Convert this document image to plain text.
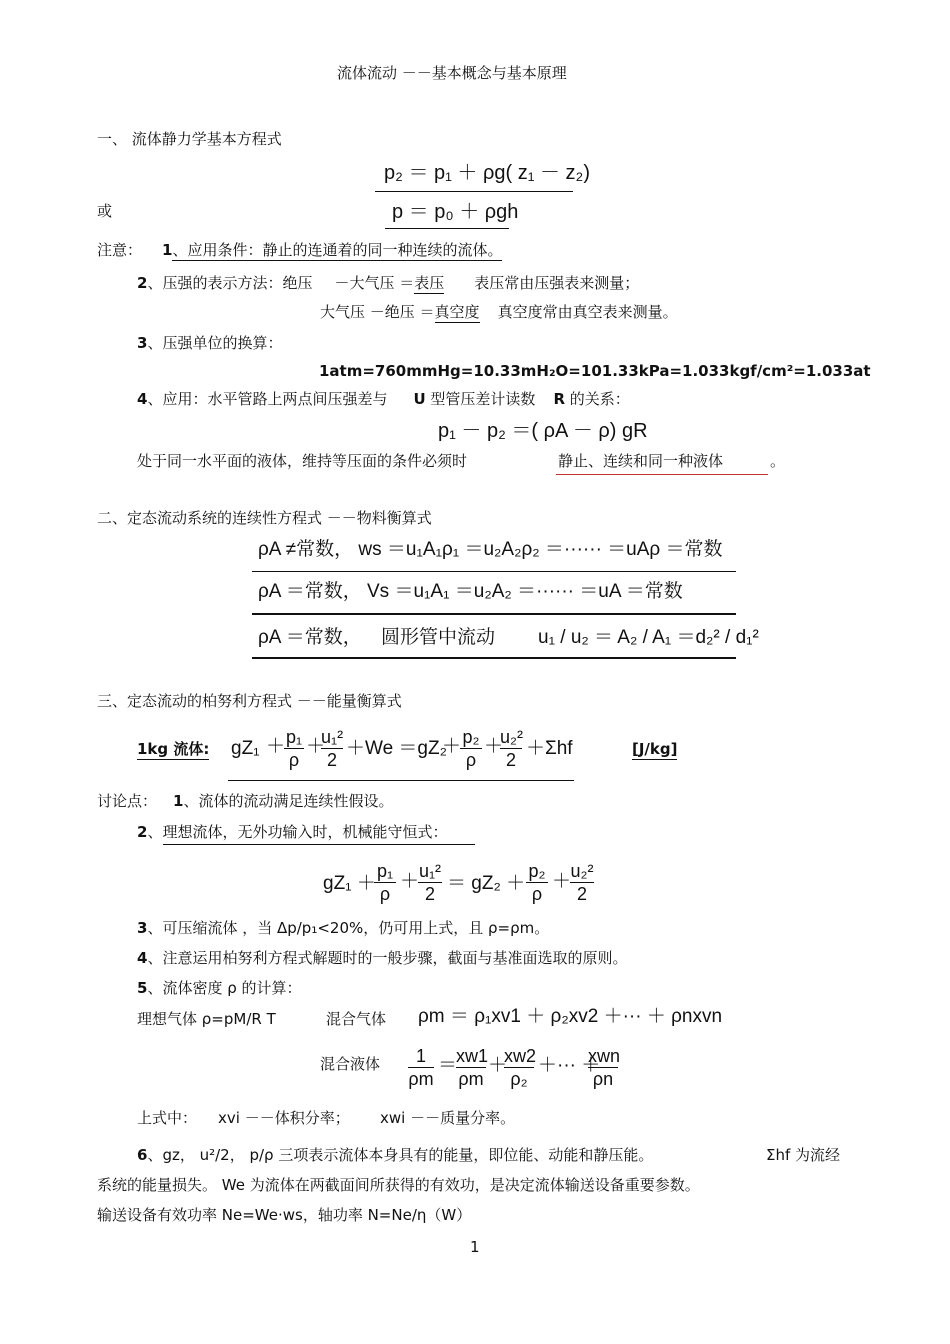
流体流动 －－基本概念与基本原理
一、 流体静力学基本方程式
p₂ ＝ p₁ ＋ ρg( z₁ － z₂)
或	p ＝ p₀ ＋ ρgh
注意： 1、应用条件：静止的连通着的同一种连续的流体。
2、压强的表示方法：绝压 －大气压 ＝表压 表压常由压强表来测量；
大气压 －绝压 ＝真空度 真空度常由真空表来测量。
3、压强单位的换算：
1atm=760mmHg=10.33mH₂O=101.33kPa=1.033kgf/cm²=1.033at
4、应用：水平管路上两点间压强差与 U 型管压差计读数 R 的关系：
p₁ － p₂ ＝( ρA － ρ) gR
处于同一水平面的液体，维持等压面的条件必须时	静止、连续和同一种液体	。
二、定态流动系统的连续性方程式 －－物料衡算式
ρA ≠常数， ws ＝u₁A₁ρ₁ ＝u₂A₂ρ₂ ＝······ ＝uAρ ＝常数
ρA ＝常数， Vs ＝u₁A₁ ＝u₂A₂ ＝······ ＝uA ＝常数
ρA ＝常数， 圆形管中流动 u₁ / u₂ ＝ A₂ / A₁ ＝d₂² / d₁²
三、定态流动的柏努利方程式 －－能量衡算式
1kg 流体: gZ₁ ＋
$\frac{\text{p₁}}{\rho}$ ＋
$\frac{\text{u₁²}}{2} +We =gZ_2$
＋
$\frac{\text{p₂}}{\rho}$ ＋
$\frac{\text{u₂²}}{2} +\Sigma hf$	[J/kg]
讨论点： 1、流体的流动满足连续性假设。
2、理想流体，无外功输入时，机械能守恒式：
gZ₁ ＋
$\frac{\text{p₁}}{\rho}$ ＋
$\frac{\text{u₁²}}{2} = gZ_2 + \frac{\text{p₂}}{\rho}$ ＋
$\frac{\text{u₂²}}{2}$
3、可压缩流体 ，当 Δp/p₁<20%，仍可用上式，且 ρ=ρm。
4、注意运用柏努利方程式解题时的一般步骤，截面与基准面选取的原则。
5、流体密度 ρ 的计算：
理想气体 ρ=pM/R T	混合气体 ρm ＝ ρ₁xv1 ＋ ρ₂xv2 ＋··· ＋ ρnxvn
混合液体 $\frac{1}{\rho m}$ ＝
$\frac{xw1}{\rho m}$ ＋
$\frac{xw2}{\text{ρ₂}}$ ＋··· ＋
xwn
ρn
上式中： xvi －－体积分率； xwi －－质量分率。
6、gz， u²/2， p/ρ 三项表示流体本身具有的能量，即位能、动能和静压能。	Σhf 为流经
系统的能量损失。 We 为流体在两截面间所获得的有效功，是决定流体输送设备重要参数。
输送设备有效功率 Ne=We·ws，轴功率 N=Ne/η（W）
1
